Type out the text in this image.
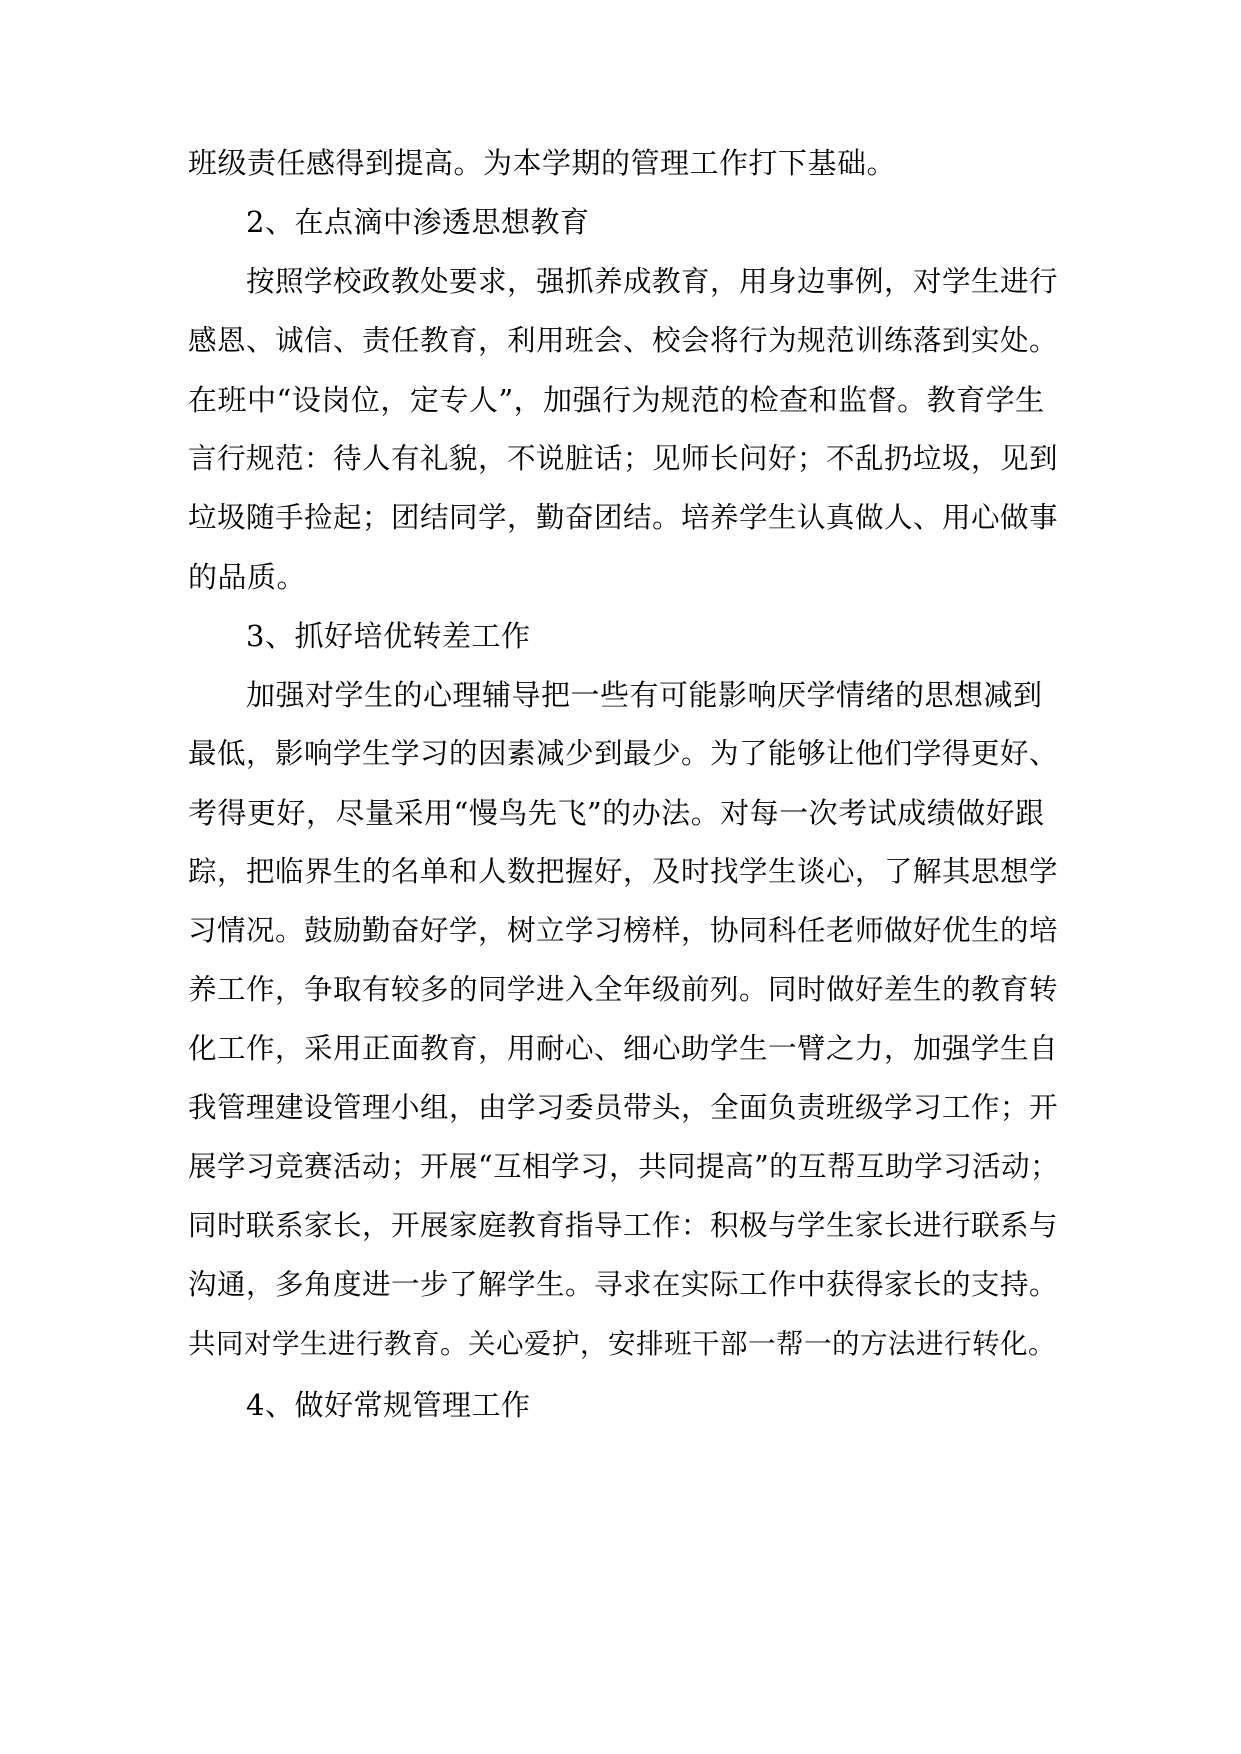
班级责任感得到提高。为本学期的管理工作打下基础。
2、在点滴中渗透思想教育
按照学校政教处要求，强抓养成教育，用身边事例，对学生进行
感恩、诚信、责任教育，利用班会、校会将行为规范训练落到实处。
在班中“设岗位，定专人”，加强行为规范的检查和监督。教育学生
言行规范：待人有礼貌，不说脏话；见师长问好；不乱扔垃圾，见到
垃圾随手捡起；团结同学，勤奋团结。培养学生认真做人、用心做事
的品质。
3、抓好培优转差工作
加强对学生的心理辅导把一些有可能影响厌学情绪的思想减到
最低，影响学生学习的因素减少到最少。为了能够让他们学得更好、
考得更好，尽量采用“慢鸟先飞”的办法。对每一次考试成绩做好跟
踪，把临界生的名单和人数把握好，及时找学生谈心，了解其思想学
习情况。鼓励勤奋好学，树立学习榜样，协同科任老师做好优生的培
养工作，争取有较多的同学进入全年级前列。同时做好差生的教育转
化工作，采用正面教育，用耐心、细心助学生一臂之力，加强学生自
我管理建设管理小组，由学习委员带头，全面负责班级学习工作；开
展学习竞赛活动；开展“互相学习，共同提高”的互帮互助学习活动；
同时联系家长，开展家庭教育指导工作：积极与学生家长进行联系与
沟通，多角度进一步了解学生。寻求在实际工作中获得家长的支持。
共同对学生进行教育。关心爱护，安排班干部一帮一的方法进行转化。
4、做好常规管理工作
